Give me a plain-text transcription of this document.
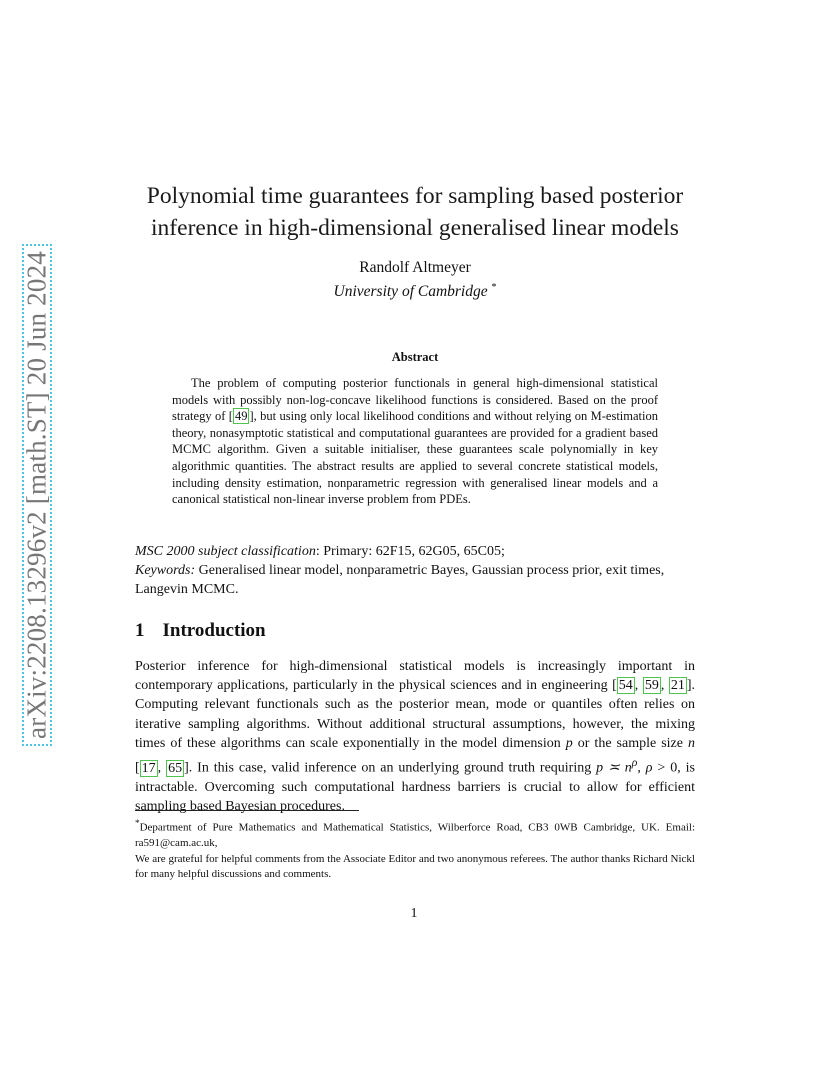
arXiv:2208.13296v2 [math.ST] 20 Jun 2024
Polynomial time guarantees for sampling based posterior
inference in high-dimensional generalised linear models
Randolf Altmeyer
University of Cambridge *
Abstract
The problem of computing posterior functionals in general high-dimensional statistical models with possibly non-log-concave likelihood functions is considered. Based on the proof strategy of [ 49 ], but using only local likelihood conditions and without relying on M-estimation theory, nonasymptotic statistical and computational guarantees are provided for a gradient based MCMC algorithm. Given a suitable initialiser, these guarantees scale polynomially in key algorithmic quantities. The abstract results are applied to several concrete statistical models, including density estimation, nonparametric regression with generalised linear models and a canonical statistical non-linear inverse problem from PDEs.
MSC 2000 subject classification: Primary: 62F15, 62G05, 65C05;
Keywords: Generalised linear model, nonparametric Bayes, Gaussian process prior, exit times, Langevin MCMC.
1 Introduction
Posterior inference for high-dimensional statistical models is increasingly important in contemporary applications, particularly in the physical sciences and in engineering [ 54 , 59 , 21 ]. Computing relevant functionals such as the posterior mean, mode or quantiles often relies on iterative sampling algorithms. Without additional structural assumptions, however, the mixing times of these algorithms can scale exponentially in the model dimension p or the sample size n [ 17 , 65 ]. In this case, valid inference on an underlying ground truth requiring p ≍ $n^\rho$, ρ > 0, is intractable. Overcoming such computational hardness barriers is crucial to allow for efficient sampling based Bayesian procedures.

*Department of Pure Mathematics and Mathematical Statistics, Wilberforce Road, CB3 0WB Cambridge, UK. Email: ra591@cam.ac.uk,

We are grateful for helpful comments from the Associate Editor and two anonymous referees. The author thanks Richard Nickl for many helpful discussions and comments.

1
